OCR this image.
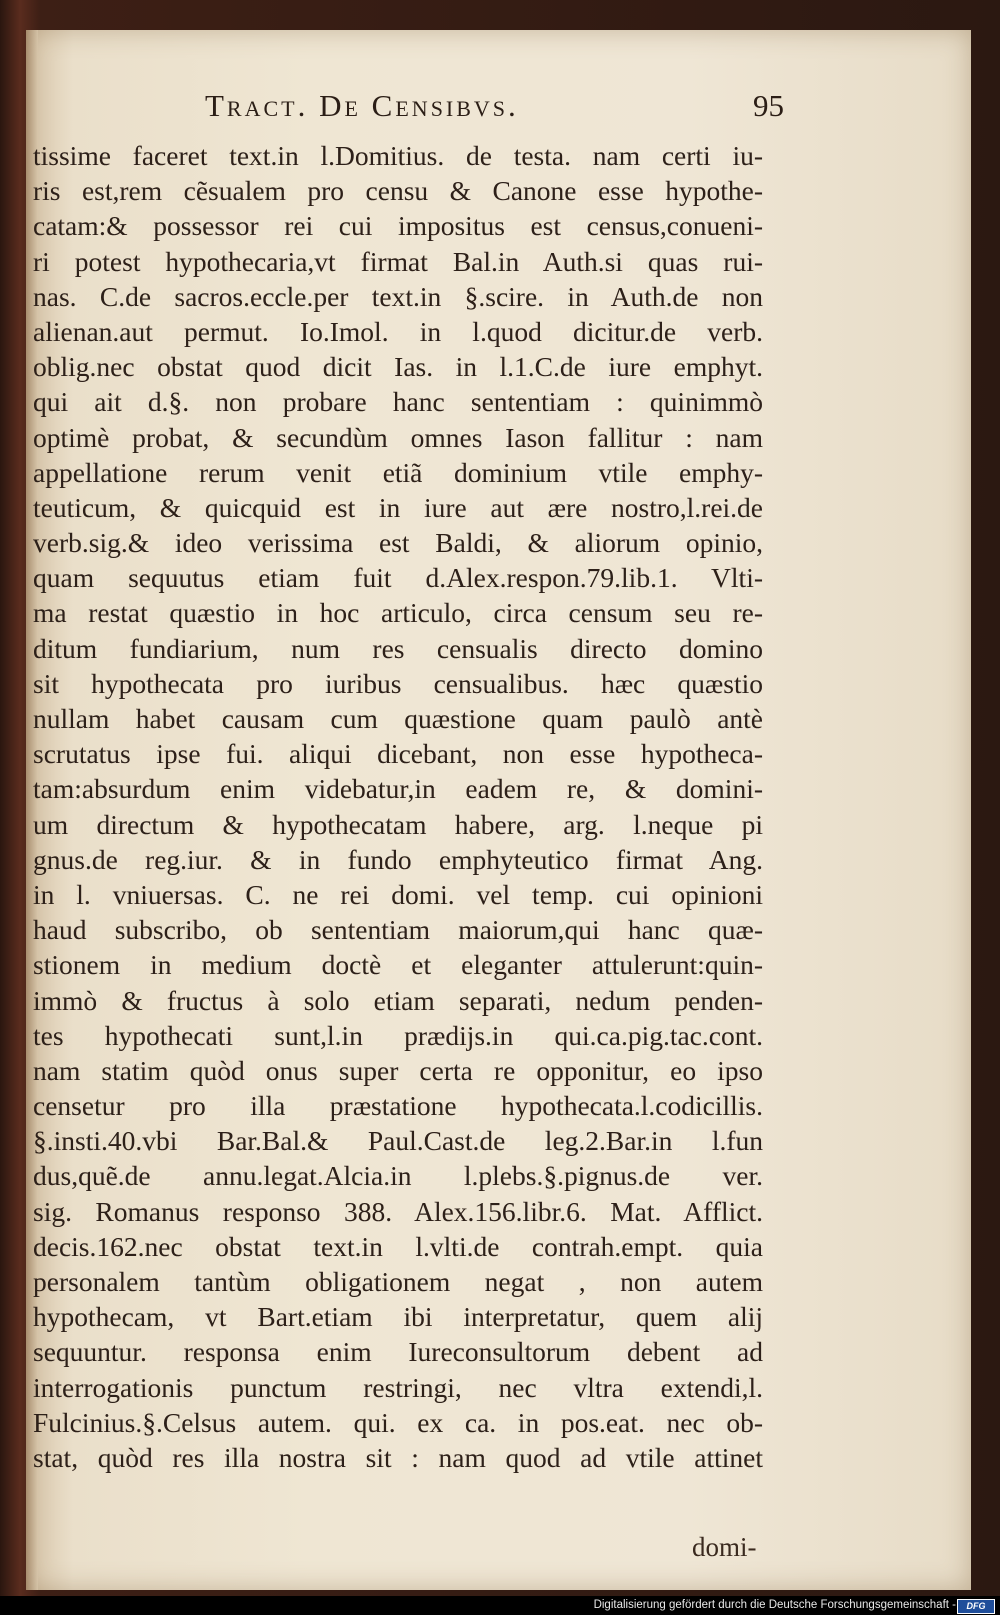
Tract. De Censibvs.	95
tissime faceret text.in l.Domitius. de testa. nam certi iu-
ris est,rem cẽsualem pro censu & Canone esse hypothe-
catam:& possessor rei cui impositus est census,conueni-
ri potest hypothecaria,vt firmat Bal.in Auth.si quas rui-
nas. C.de sacros.eccle.per text.in §.scire. in Auth.de non
alienan.aut permut. Io.Imol. in l.quod dicitur.de verb.
oblig.nec obstat quod dicit Ias. in l.1.C.de iure emphyt.
qui ait d.§. non probare hanc sententiam : quinimmò
optimè probat, & secundùm omnes Iason fallitur : nam
appellatione rerum venit etiã dominium vtile emphy-
teuticum, & quicquid est in iure aut ære nostro,l.rei.de
verb.sig.& ideo verissima est Baldi, & aliorum opinio,
quam sequutus etiam fuit d.Alex.respon.79.lib.1. Vlti-
ma restat quæstio in hoc articulo, circa censum seu re-
ditum fundiarium, num res censualis directo domino
sit hypothecata pro iuribus censualibus. hæc quæstio
nullam habet causam cum quæstione quam paulò antè
scrutatus ipse fui. aliqui dicebant, non esse hypotheca-
tam:absurdum enim videbatur,in eadem re, & domini-
um directum & hypothecatam habere, arg. l.neque pi
gnus.de reg.iur. & in fundo emphyteutico firmat Ang.
in l. vniuersas. C. ne rei domi. vel temp. cui opinioni
haud subscribo, ob sententiam maiorum,qui hanc quæ-
stionem in medium doctè et eleganter attulerunt:quin-
immò & fructus à solo etiam separati, nedum penden-
tes hypothecati sunt,l.in prædijs.in qui.ca.pig.tac.cont.
nam statim quòd onus super certa re opponitur, eo ipso
censetur pro illa præstatione hypothecata.l.codicillis.
§.insti.40.vbi Bar.Bal.& Paul.Cast.de leg.2.Bar.in l.fun
dus,quẽ.de annu.legat.Alcia.in l.plebs.§.pignus.de ver.
sig. Romanus responso 388. Alex.156.libr.6. Mat. Afflict.
decis.162.nec obstat text.in l.vlti.de contrah.empt. quia
personalem tantùm obligationem negat , non autem
hypothecam, vt Bart.etiam ibi interpretatur, quem alij
sequuntur. responsa enim Iureconsultorum debent ad
interrogationis punctum restringi, nec vltra extendi,l.
Fulcinius.§.Celsus autem. qui. ex ca. in pos.eat. nec ob-
stat, quòd res illa nostra sit : nam quod ad vtile attinet
domi-
Digitalisierung gefördert durch die Deutsche Forschungsgemeinschaft -	DFG
